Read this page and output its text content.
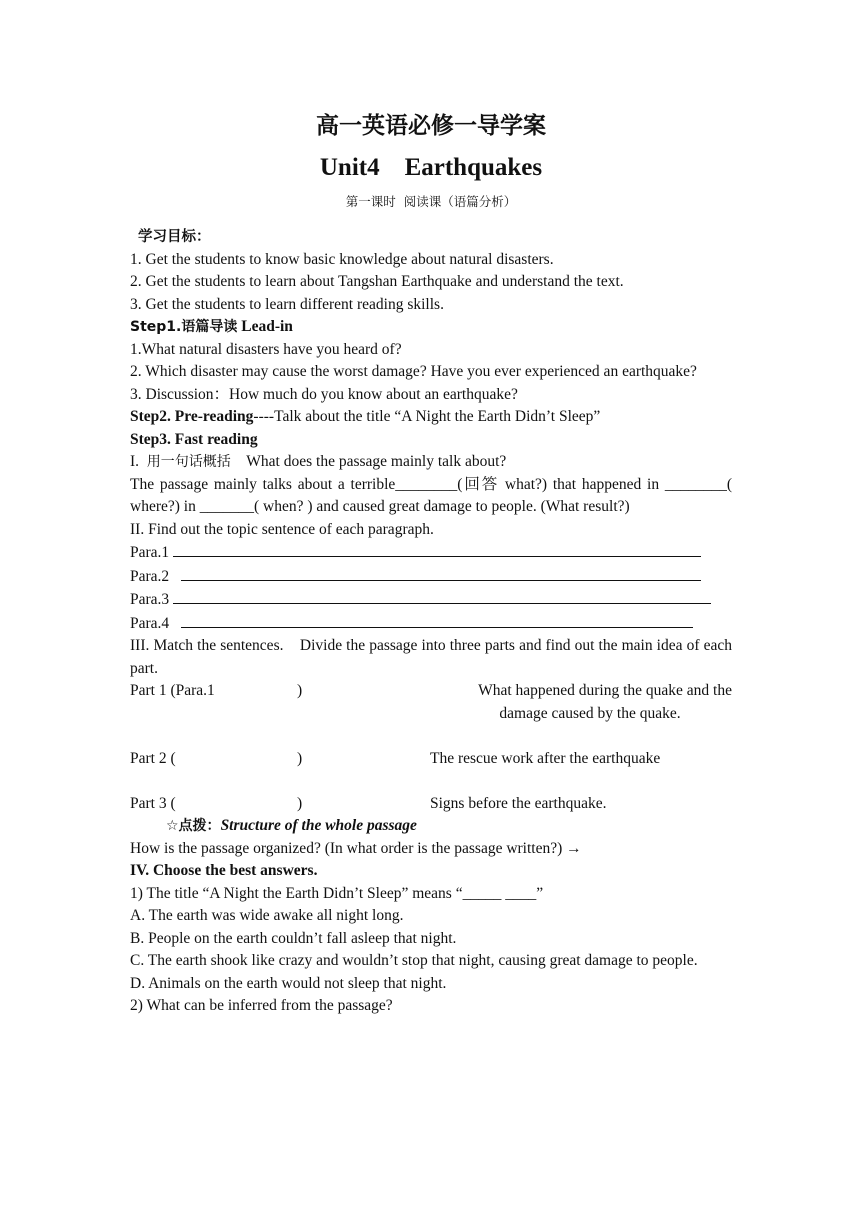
高一英语必修一导学案
Unit4    Earthquakes
第一课时  阅读课（语篇分析）
学习目标：

1. Get the students to know basic knowledge about natural disasters.

2. Get the students to learn about Tangshan Earthquake and understand the text.

3. Get the students to learn different reading skills.

Step1.语篇导读 Lead-in

1.What natural disasters have you heard of?

2. Which disaster may cause the worst damage? Have you ever experienced an earthquake?

3. Discussion：How much do you know about an earthquake?

Step2. Pre-reading----Talk about the title “A Night the Earth Didn’t Sleep”

Step3. Fast reading

I.  用一句话概括    What does the passage mainly talk about?

The passage mainly talks about a terrible________(回答 what?) that happened in ________( where?) in _______( when? ) and caused great damage to people. (What result?)

II. Find out the topic sentence of each paragraph.

Para.1

Para.2

Para.3

Para.4

III. Match the sentences.    Divide the passage into three parts and find out the main idea of each part.

Part 1 (Para.1	)	What happened during the quake and the
damage caused by the quake.
Part 2 (	)	The rescue work after the earthquake
Part 3 (	)	Signs before the earthquake.

☆点拨：Structure of the whole passage

How is the passage organized? (In what order is the passage written?) →

IV. Choose the best answers.

1) The title “A Night the Earth Didn’t Sleep” means “_____ ____”

A. The earth was wide awake all night long.

B. People on the earth couldn’t fall asleep that night.

C. The earth shook like crazy and wouldn’t stop that night, causing great damage to people.

D. Animals on the earth would not sleep that night.

2) What can be inferred from the passage?
